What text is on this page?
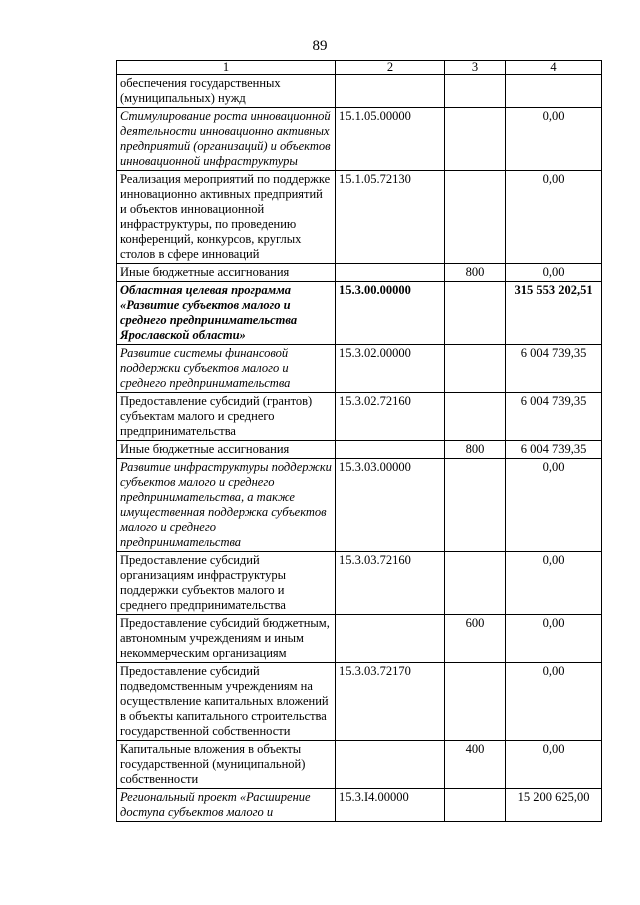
89
1	2	3	4
обеспечения государственных (муниципальных) нужд			
Стимулирование роста инновационной деятельности инновационно активных предприятий (организаций) и объектов инновационной инфраструктуры	15.1.05.00000		0,00
Реализация мероприятий по поддержке инновационно активных предприятий и объектов инновационной инфраструктуры, по проведению конференций, конкурсов, круглых столов в сфере инноваций	15.1.05.72130		0,00
Иные бюджетные ассигнования		800	0,00
Областная целевая программа «Развитие субъектов малого и среднего предпринимательства Ярославской области»	15.3.00.00000		315 553 202,51
Развитие системы финансовой поддержки субъектов малого и среднего предпринимательства	15.3.02.00000		6 004 739,35
Предоставление субсидий (грантов) субъектам малого и среднего предпринимательства	15.3.02.72160		6 004 739,35
Иные бюджетные ассигнования		800	6 004 739,35
Развитие инфраструктуры поддержки субъектов малого и среднего предпринимательства, а также имущественная поддержка субъектов малого и среднего предпринимательства	15.3.03.00000		0,00
Предоставление субсидий организациям инфраструктуры поддержки субъектов малого и среднего предпринимательства	15.3.03.72160		0,00
Предоставление субсидий бюджетным, автономным учреждениям и иным некоммерческим организациям		600	0,00
Предоставление субсидий подведомственным учреждениям на осуществление капитальных вложений в объекты капитального строительства государственной собственности	15.3.03.72170		0,00
Капитальные вложения в объекты государственной (муниципальной) собственности		400	0,00
Региональный проект «Расширение доступа субъектов малого и	15.3.I4.00000		15 200 625,00
